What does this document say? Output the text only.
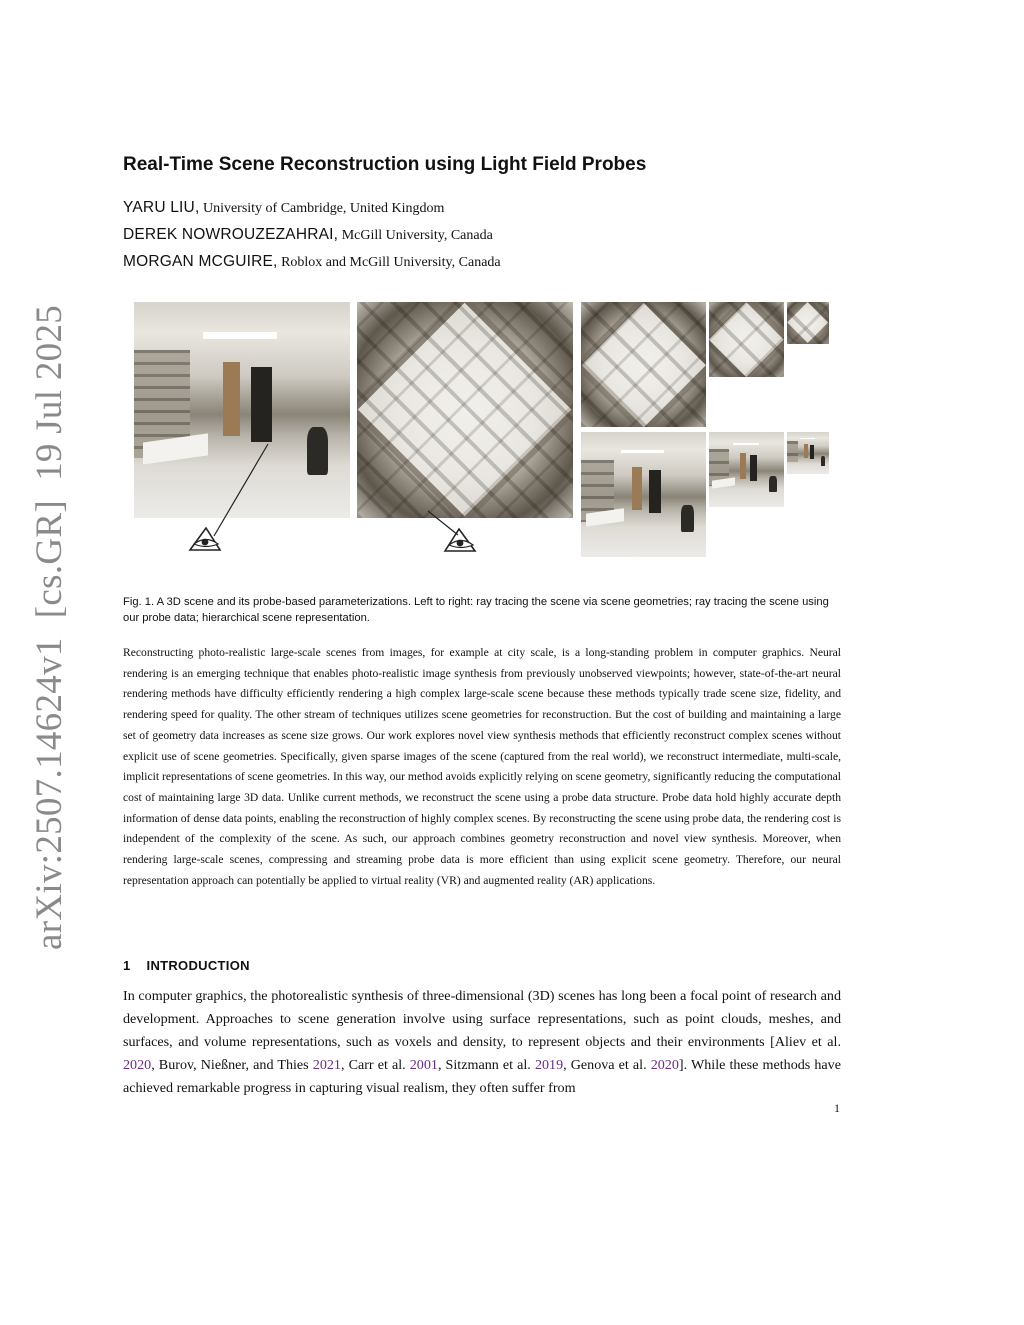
arXiv:2507.14624v1  [cs.GR]  19 Jul 2025
Real-Time Scene Reconstruction using Light Field Probes
YARU LIU, University of Cambridge, United Kingdom
DEREK NOWROUZEZAHRAI, McGill University, Canada
MORGAN MCGUIRE, Roblox and McGill University, Canada
Fig. 1. A 3D scene and its probe-based parameterizations. Left to right: ray tracing the scene via scene geometries; ray tracing the scene using our probe data; hierarchical scene representation.
Reconstructing photo-realistic large-scale scenes from images, for example at city scale, is a long-standing problem in computer graphics. Neural rendering is an emerging technique that enables photo-realistic image synthesis from previously unobserved viewpoints; however, state-of-the-art neural rendering methods have difficulty efficiently rendering a high complex large-scale scene because these methods typically trade scene size, fidelity, and rendering speed for quality. The other stream of techniques utilizes scene geometries for reconstruction. But the cost of building and maintaining a large set of geometry data increases as scene size grows. Our work explores novel view synthesis methods that efficiently reconstruct complex scenes without explicit use of scene geometries. Specifically, given sparse images of the scene (captured from the real world), we reconstruct intermediate, multi-scale, implicit representations of scene geometries. In this way, our method avoids explicitly relying on scene geometry, significantly reducing the computational cost of maintaining large 3D data. Unlike current methods, we reconstruct the scene using a probe data structure. Probe data hold highly accurate depth information of dense data points, enabling the reconstruction of highly complex scenes. By reconstructing the scene using probe data, the rendering cost is independent of the complexity of the scene. As such, our approach combines geometry reconstruction and novel view synthesis. Moreover, when rendering large-scale scenes, compressing and streaming probe data is more efficient than using explicit scene geometry. Therefore, our neural representation approach can potentially be applied to virtual reality (VR) and augmented reality (AR) applications.
1 INTRODUCTION
In computer graphics, the photorealistic synthesis of three-dimensional (3D) scenes has long been a focal point of research and development. Approaches to scene generation involve using surface representations, such as point clouds, meshes, and surfaces, and volume representations, such as voxels and density, to represent objects and their environments [Aliev et al. 2020, Burov, Nießner, and Thies 2021, Carr et al. 2001, Sitzmann et al. 2019, Genova et al. 2020]. While these methods have achieved remarkable progress in capturing visual realism, they often suffer from
1
